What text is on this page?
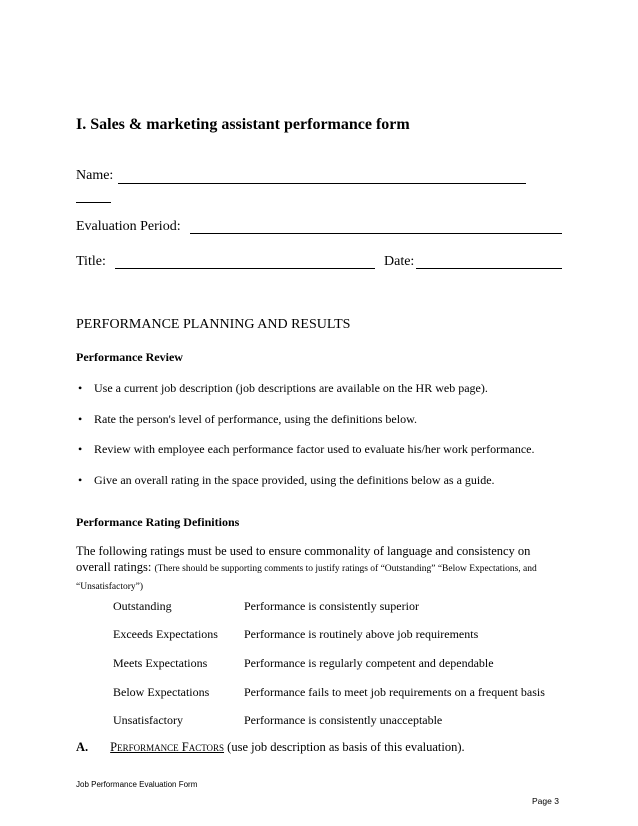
I. Sales & marketing assistant performance form
Name:
Evaluation Period:
Title:	Date:
PERFORMANCE PLANNING AND RESULTS
Performance Review
• Use a current job description (job descriptions are available on the HR web page).
• Rate the person's level of performance, using the definitions below.
• Review with employee each performance factor used to evaluate his/her work performance.
• Give an overall rating in the space provided, using the definitions below as a guide.
Performance Rating Definitions
The following ratings must be used to ensure commonality of language and consistency on overall ratings: (There should be supporting comments to justify ratings of “Outstanding” “Below Expectations, and “Unsatisfactory”)
Outstanding	Performance is consistently superior
Exceeds Expectations Performance is routinely above job requirements
Meets Expectations	Performance is regularly competent and dependable
Below Expectations	Performance fails to meet job requirements on a frequent basis
Unsatisfactory	Performance is consistently unacceptable
A. Performance Factors (use job description as basis of this evaluation).
Job Performance Evaluation Form
Page 3
